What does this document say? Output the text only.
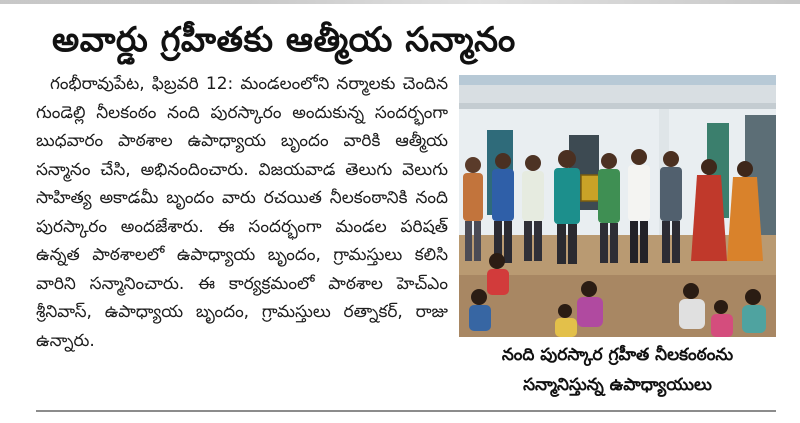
అవార్డు గ్రహీతకు ఆత్మీయ సన్మానం
గంభీరావుపేట, ఫిబ్రవరి 12: మండలంలోని నర్మాలకు చెందిన గుండెల్లి నీలకంఠం నంది పురస్కారం అందుకున్న సందర్భంగా బుధవారం పాఠశాల ఉపాధ్యాయ బృందం వారికి ఆత్మీయ సన్మానం చేసి, అభినందించారు. విజయవాడ తెలుగు వెలుగు సాహిత్య అకాడమీ బృందం వారు రచయిత నీలకంఠానికి నంది పురస్కారం అందజేశారు. ఈ సందర్భంగా మండల పరిషత్ ఉన్నత పాఠశాలలో ఉపాధ్యాయ బృందం, గ్రామస్తులు కలిసి వారిని సన్మానించారు. ఈ కార్యక్రమంలో పాఠశాల హెచ్ఎం శ్రీనివాస్, ఉపాధ్యాయ బృందం, గ్రామస్తులు రత్నాకర్, రాజు ఉన్నారు.
నంది పురస్కార గ్రహీత నీలకంఠంను
సన్మానిస్తున్న ఉపాధ్యాయులు
